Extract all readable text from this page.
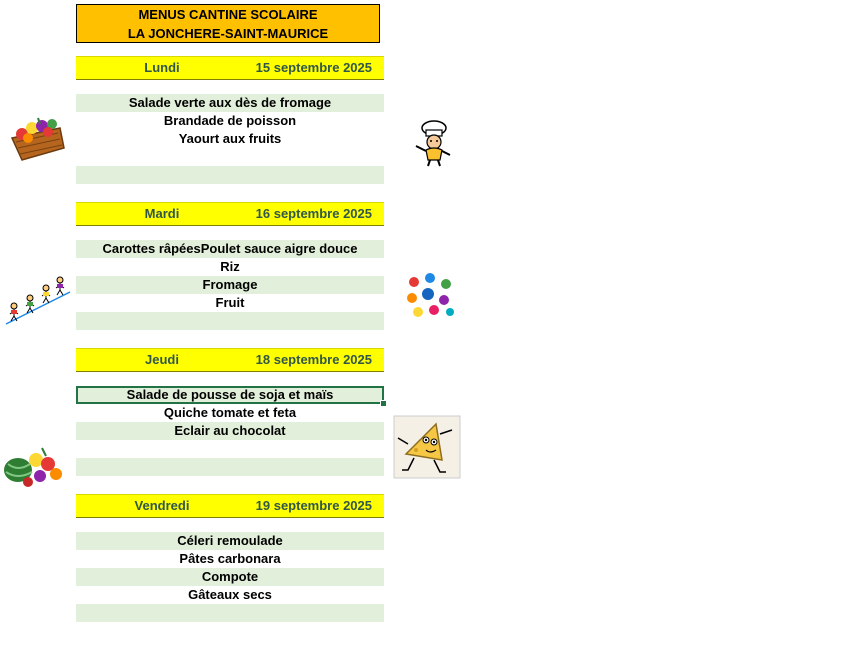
MENUS CANTINE SCOLAIRE
LA JONCHERE-SAINT-MAURICE
Lundi	15 septembre 2025
Salade verte aux dès de fromage
Brandade de poisson
Yaourt aux fruits
Mardi	16 septembre 2025
Carottes râpéesPoulet sauce aigre douce
Riz
Fromage
Fruit
Jeudi	18 septembre 2025
Salade de pousse de soja et maïs
Quiche tomate et feta
Eclair au chocolat
Vendredi	19 septembre 2025
Céleri remoulade
Pâtes carbonara
Compote
Gâteaux secs
